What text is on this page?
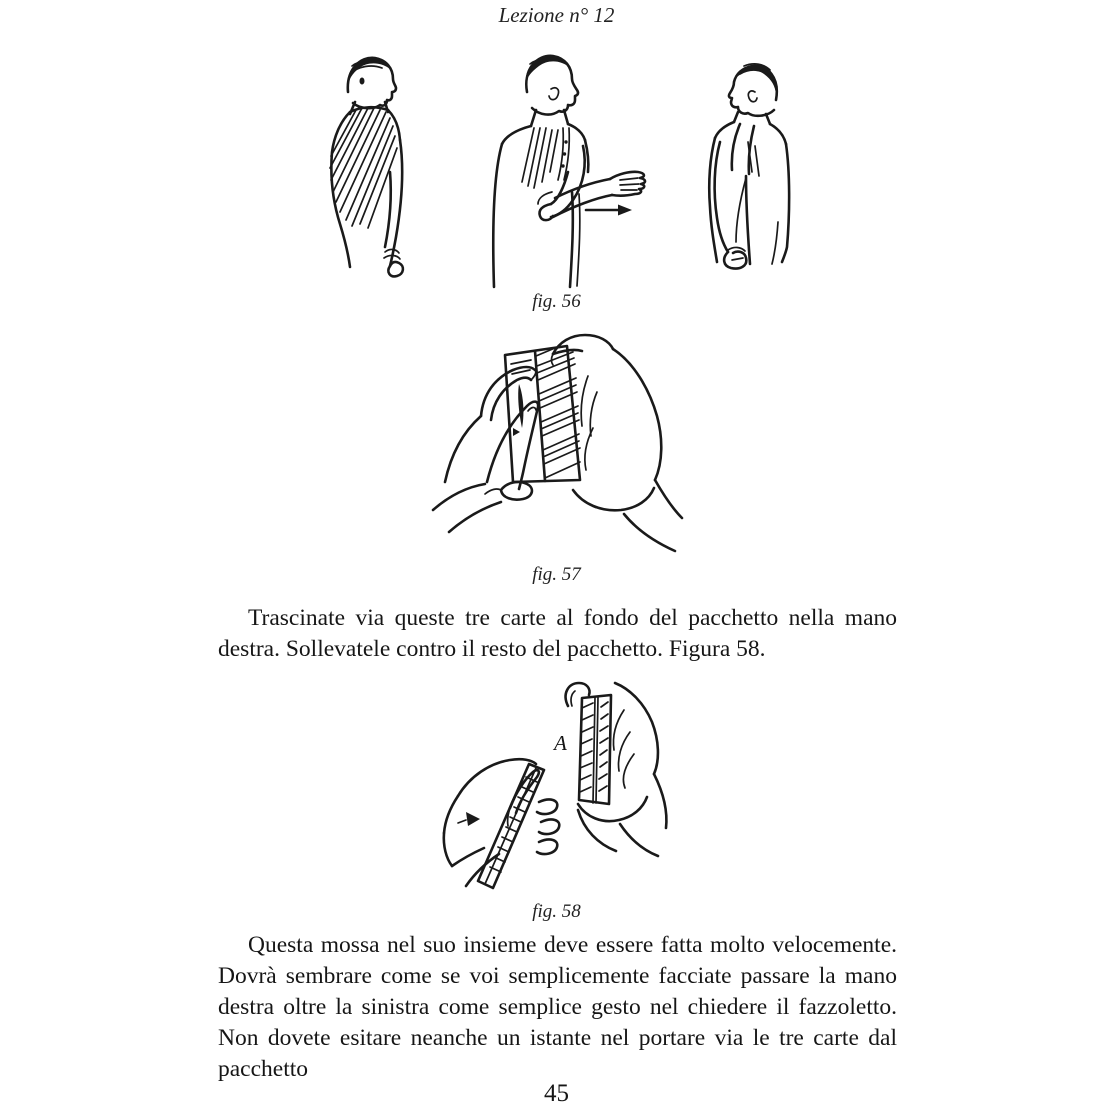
Lezione n° 12
fig. 56
fig. 57

Trascinate via queste tre carte al fondo del pacchetto nella mano destra. Sollevatele contro il resto del pacchetto. Figura 58.

A
fig. 58

Questa mossa nel suo insieme deve essere fatta molto velocemente. Dovrà sembrare come se voi semplicemente facciate passare la mano destra oltre la sinistra come semplice gesto nel chiedere il fazzoletto. Non dovete esitare neanche un istante nel portare via le tre carte dal pacchetto

45
